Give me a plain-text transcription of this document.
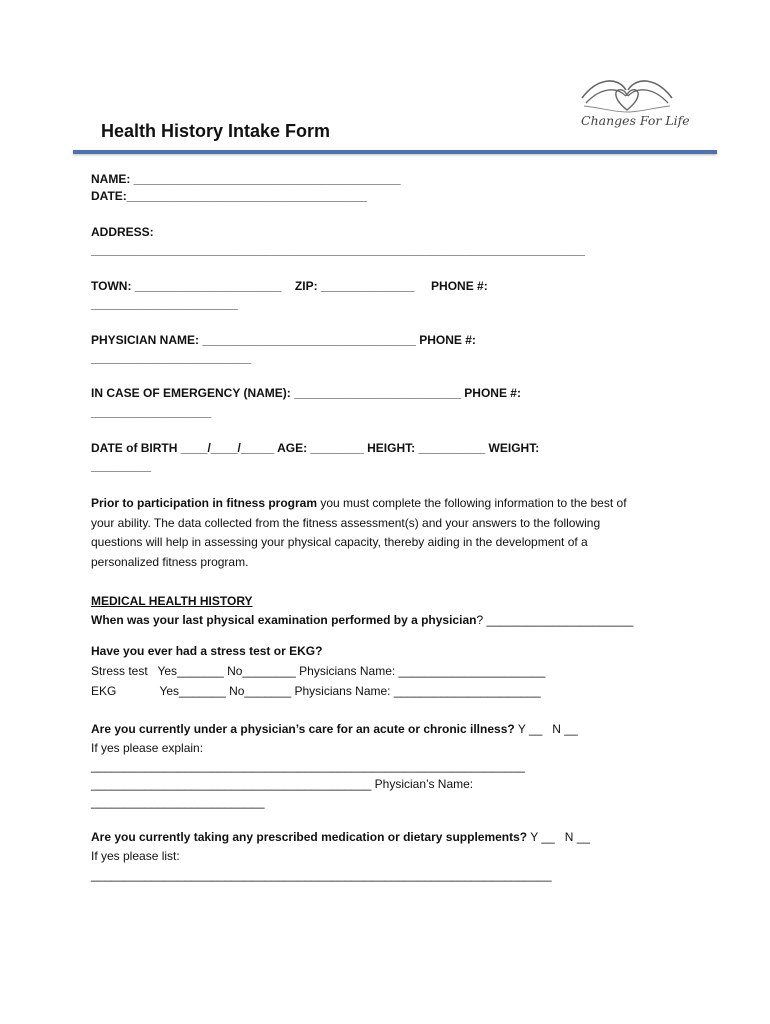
Changes For Life
Health History Intake Form
NAME: ________________________________________
DATE:____________________________________
ADDRESS:
__________________________________________________________________________
TOWN: ______________________    ZIP: ______________     PHONE #:
______________________
PHYSICIAN NAME: ________________________________ PHONE #:
________________________
IN CASE OF EMERGENCY (NAME): _________________________ PHONE #:
__________________
DATE of BIRTH ____/____/_____ AGE: ________ HEIGHT: __________ WEIGHT:
_________
Prior to participation in fitness program you must complete the following information to the best of
your ability. The data collected from the fitness assessment(s) and your answers to the following
questions will help in assessing your physical capacity, thereby aiding in the development of a
personalized fitness program.
MEDICAL HEALTH HISTORY
When was your last physical examination performed by a physician? ______________________
Have you ever had a stress test or EKG?
Stress test   Yes_______ No________ Physicians Name: ______________________
EKG             Yes_______ No_______ Physicians Name: ______________________
Are you currently under a physician’s care for an acute or chronic illness? Y __   N __
If yes please explain:
_________________________________________________________________
__________________________________________ Physician’s Name:
__________________________
Are you currently taking any prescribed medication or dietary supplements? Y __   N __
If yes please list:
_____________________________________________________________________
